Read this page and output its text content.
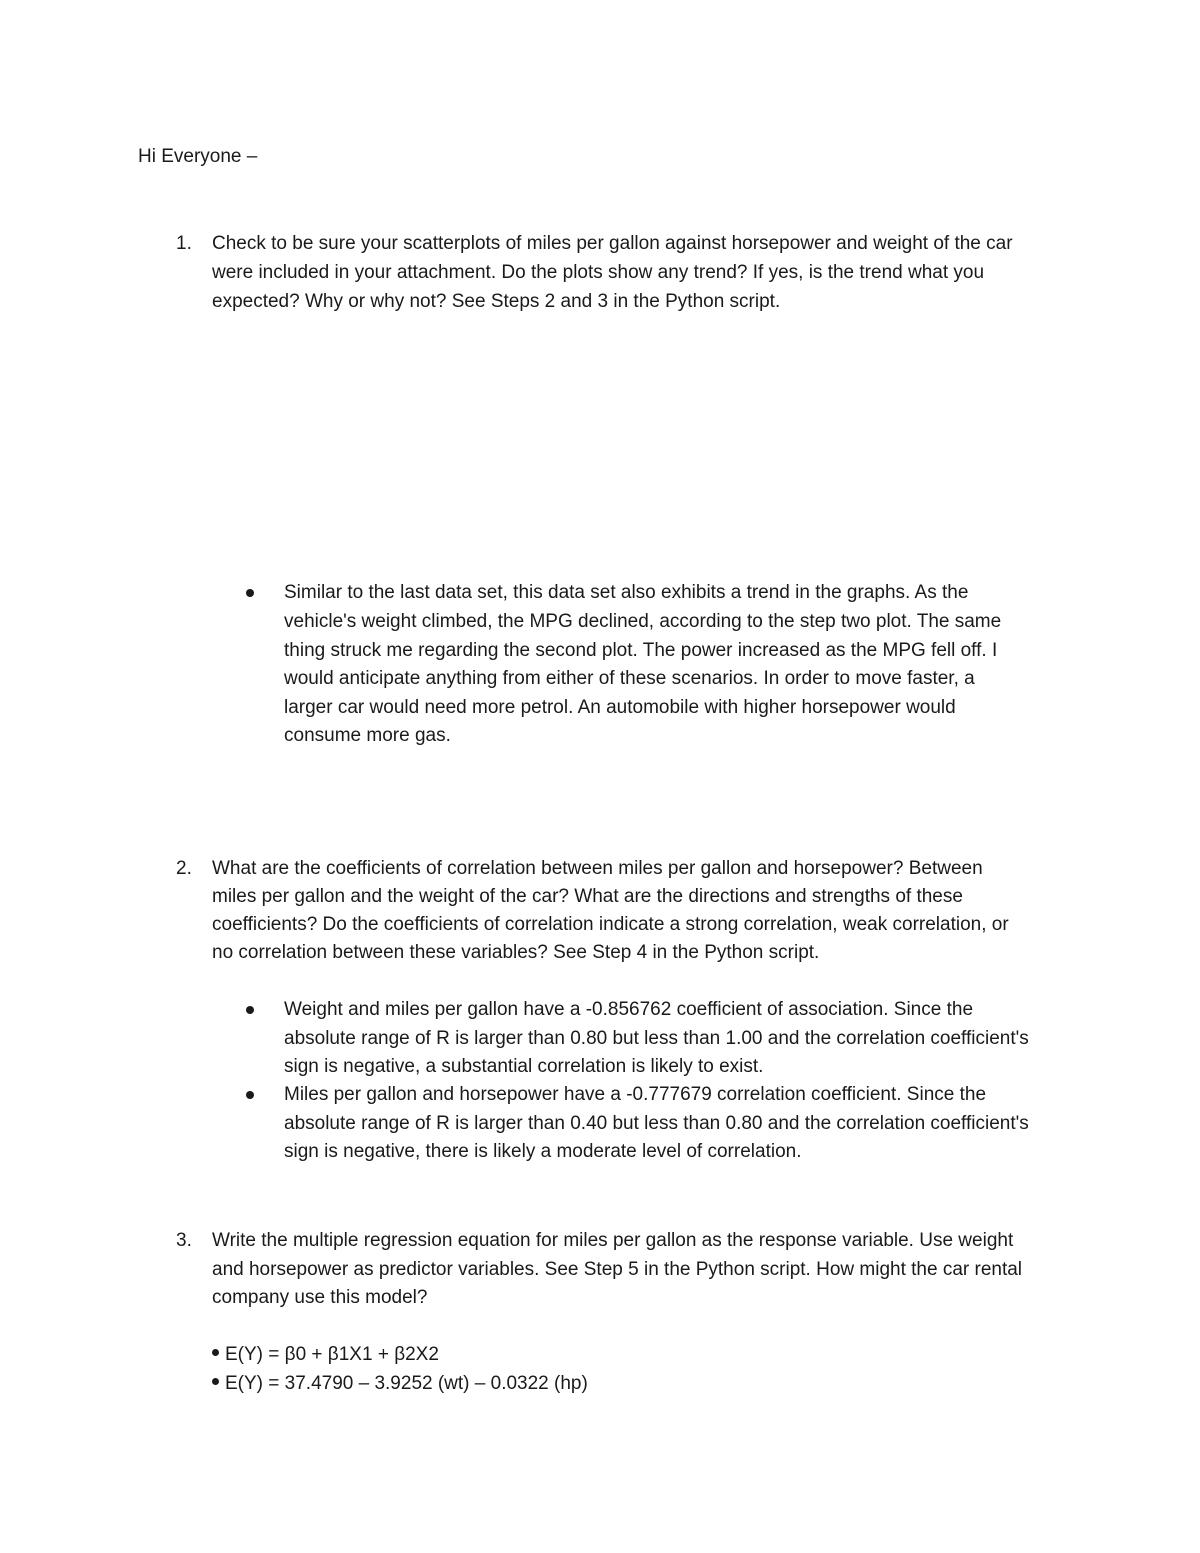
Hi Everyone –
1.	Check to be sure your scatterplots of miles per gallon against horsepower and weight of the car
were included in your attachment. Do the plots show any trend? If yes, is the trend what you
expected? Why or why not? See Steps 2 and 3 in the Python script.
Similar to the last data set, this data set also exhibits a trend in the graphs. As the
vehicle's weight climbed, the MPG declined, according to the step two plot. The same
thing struck me regarding the second plot. The power increased as the MPG fell off. I
would anticipate anything from either of these scenarios. In order to move faster, a
larger car would need more petrol. An automobile with higher horsepower would
consume more gas.
2.	What are the coefficients of correlation between miles per gallon and horsepower? Between
miles per gallon and the weight of the car? What are the directions and strengths of these
coefficients? Do the coefficients of correlation indicate a strong correlation, weak correlation, or
no correlation between these variables? See Step 4 in the Python script.
Weight and miles per gallon have a -0.856762 coefficient of association. Since the
absolute range of R is larger than 0.80 but less than 1.00 and the correlation coefficient's
sign is negative, a substantial correlation is likely to exist.
Miles per gallon and horsepower have a -0.777679 correlation coefficient. Since the
absolute range of R is larger than 0.40 but less than 0.80 and the correlation coefficient's
sign is negative, there is likely a moderate level of correlation.
3.	Write the multiple regression equation for miles per gallon as the response variable. Use weight
and horsepower as predictor variables. See Step 5 in the Python script. How might the car rental
company use this model?
E(Y) = β0 + β1X1 + β2X2
E(Y) = 37.4790 – 3.9252 (wt) – 0.0322 (hp)
